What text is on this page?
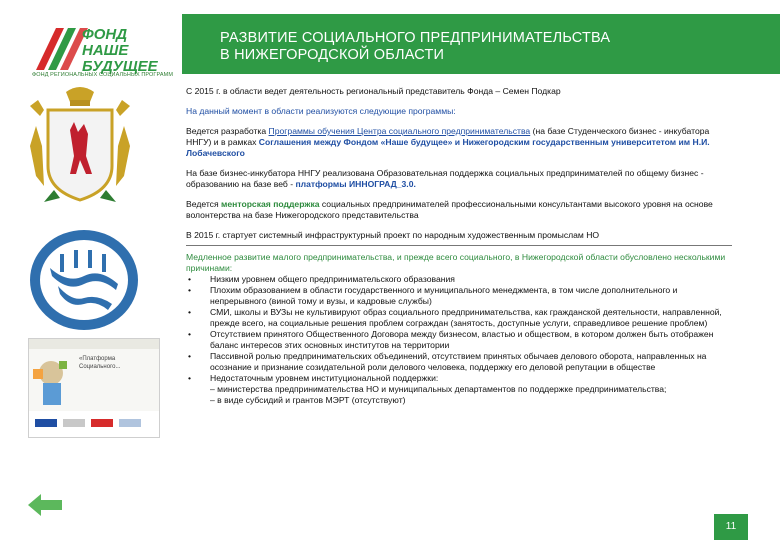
ФОНД
НАШЕ
БУДУЩЕЕ
ФОНД РЕГИОНАЛЬНЫХ СОЦИАЛЬНЫХ ПРОГРАММ
РАЗВИТИЕ СОЦИАЛЬНОГО ПРЕДПРИНИМАТЕЛЬСТВА
В НИЖЕГОРОДСКОЙ ОБЛАСТИ
«Платформа
Социального...

С 2015 г. в области ведет деятельность региональный представитель Фонда – Семен Подкар

На данный момент в области реализуются следующие программы:

Ведется разработка Программы обучения Центра социального предпринимательства (на базе Студенческого бизнес - инкубатора ННГУ) и в рамках Соглашения между Фондом «Наше будущее» и Нижегородским государственным университетом им Н.И. Лобачевского

На базе бизнес-инкубатора ННГУ реализована Образовательная поддержка социальных предпринимателей по общему бизнес - образованию на базе веб - платформы ИННОГРАД_3.0.

Ведется менторская поддержка социальных предпринимателей профессиональными консультантами высокого уровня на основе волонтерства на базе Нижегородского представительства

В 2015 г. стартует системный инфраструктурный проект по народным художественным промыслам НО

Медленное развитие малого предпринимательства, и прежде всего социального, в Нижегородской области обусловлено несколькими причинами:
• Низким уровнем общего предпринимательского образования
• Плохим образованием в области государственного и муниципального менеджмента, в том числе дополнительного и непрерывного (виной тому и вузы, и кадровые службы)
• СМИ, школы и ВУЗы не культивируют образ социального предпринимательства, как гражданской деятельности, направленной, прежде всего, на социальные решения проблем сограждан (занятость, доступные услуги, справедливое решение проблем)
• Отсутствием принятого Общественного Договора между бизнесом, властью и обществом, в котором должен быть отображен баланс интересов этих основных институтов на территории
• Пассивной ролью предпринимательских объединений, отсутствием принятых обычаев делового оборота, направленных на осознание и признание созидательной роли делового человека, поддержку его деловой репутации в обществе
• Недостаточным уровнем институциональной поддержки:
– министерства предпринимательства НО и муниципальных департаментов по поддержке предпринимательства;
– в виде субсидий и грантов МЭРТ (отсутствуют)
11
